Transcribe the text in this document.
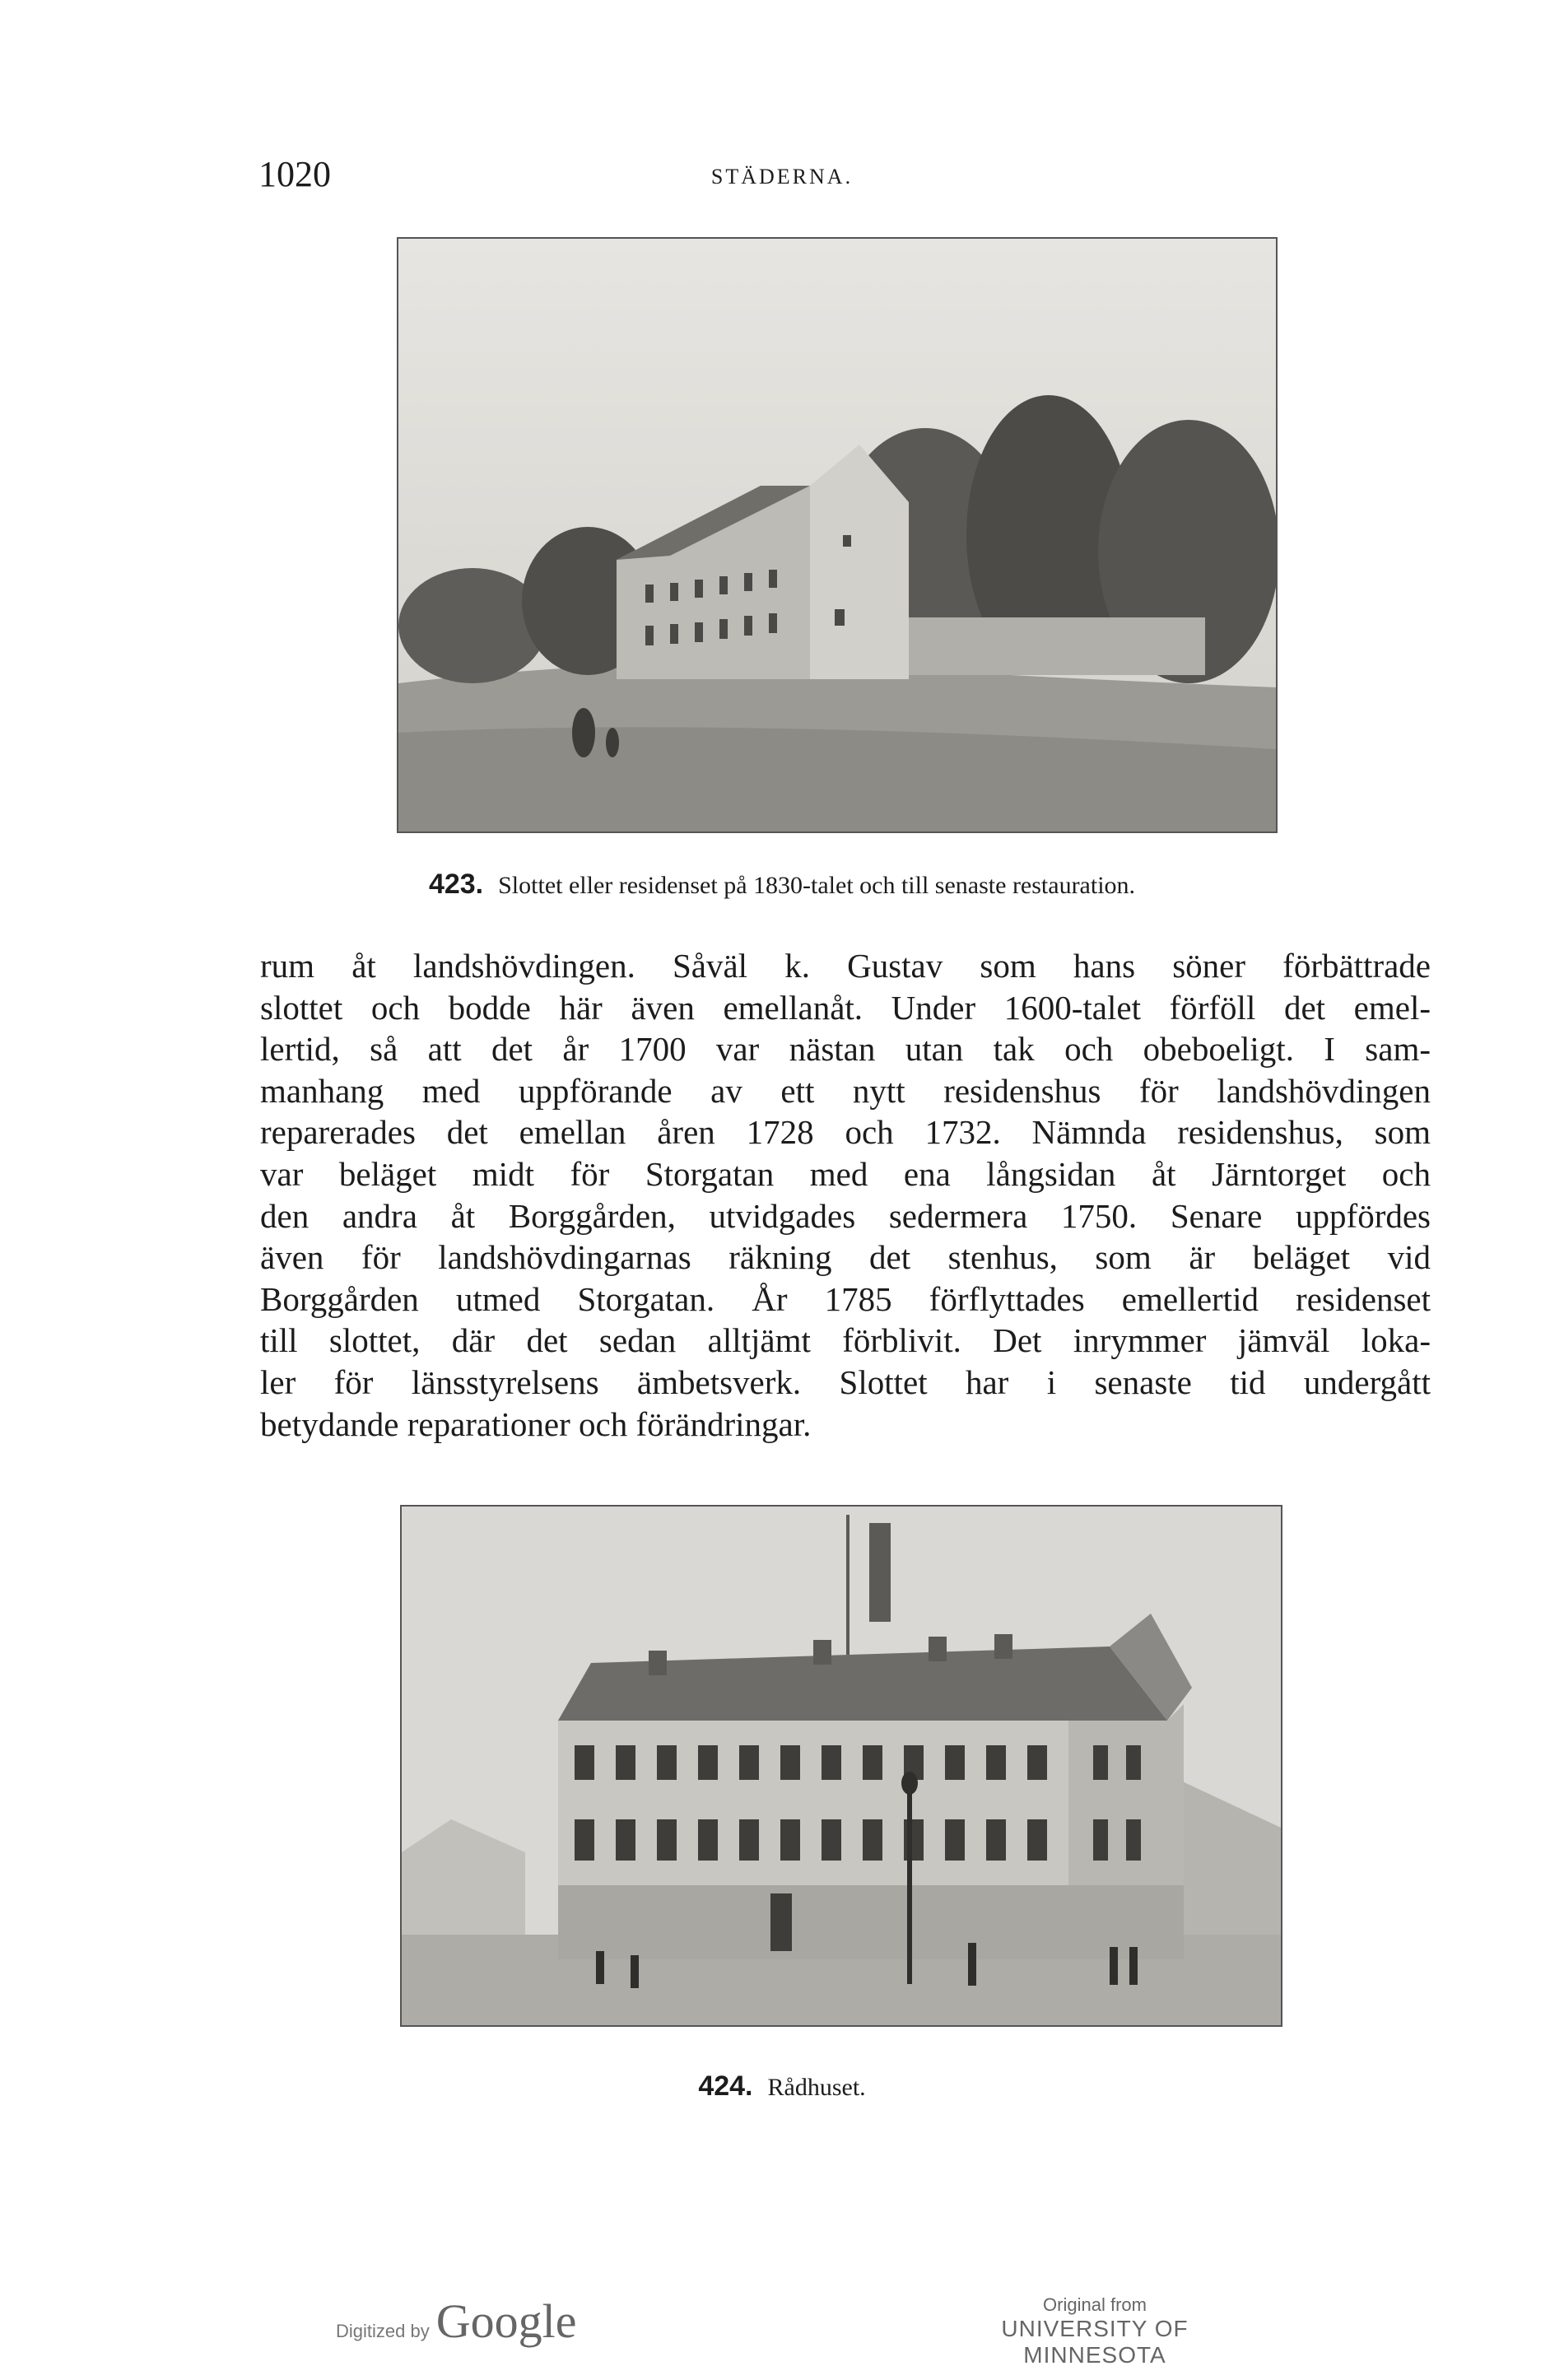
1020	STÄDERNA.
423. Slottet eller residenset på 1830-talet och till senaste restauration.
rum åt landshövdingen. Såväl k. Gustav som hans söner förbättrade
slottet och bodde här även emellanåt. Under 1600-talet förföll det emel-
lertid, så att det år 1700 var nästan utan tak och obeboeligt. I sam-
manhang med uppförande av ett nytt residenshus för landshövdingen
reparerades det emellan åren 1728 och 1732. Nämnda residenshus, som
var beläget midt för Storgatan med ena långsidan åt Järntorget och
den andra åt Borggården, utvidgades sedermera 1750. Senare uppfördes
även för landshövdingarnas räkning det stenhus, som är beläget vid
Borggården utmed Storgatan. År 1785 förflyttades emellertid residenset
till slottet, där det sedan alltjämt förblivit. Det inrymmer jämväl loka-
ler för länsstyrelsens ämbetsverk. Slottet har i senaste tid undergått
betydande reparationer och förändringar.
424. Rådhuset.
Digitized by Google	Original from
UNIVERSITY OF MINNESOTA
